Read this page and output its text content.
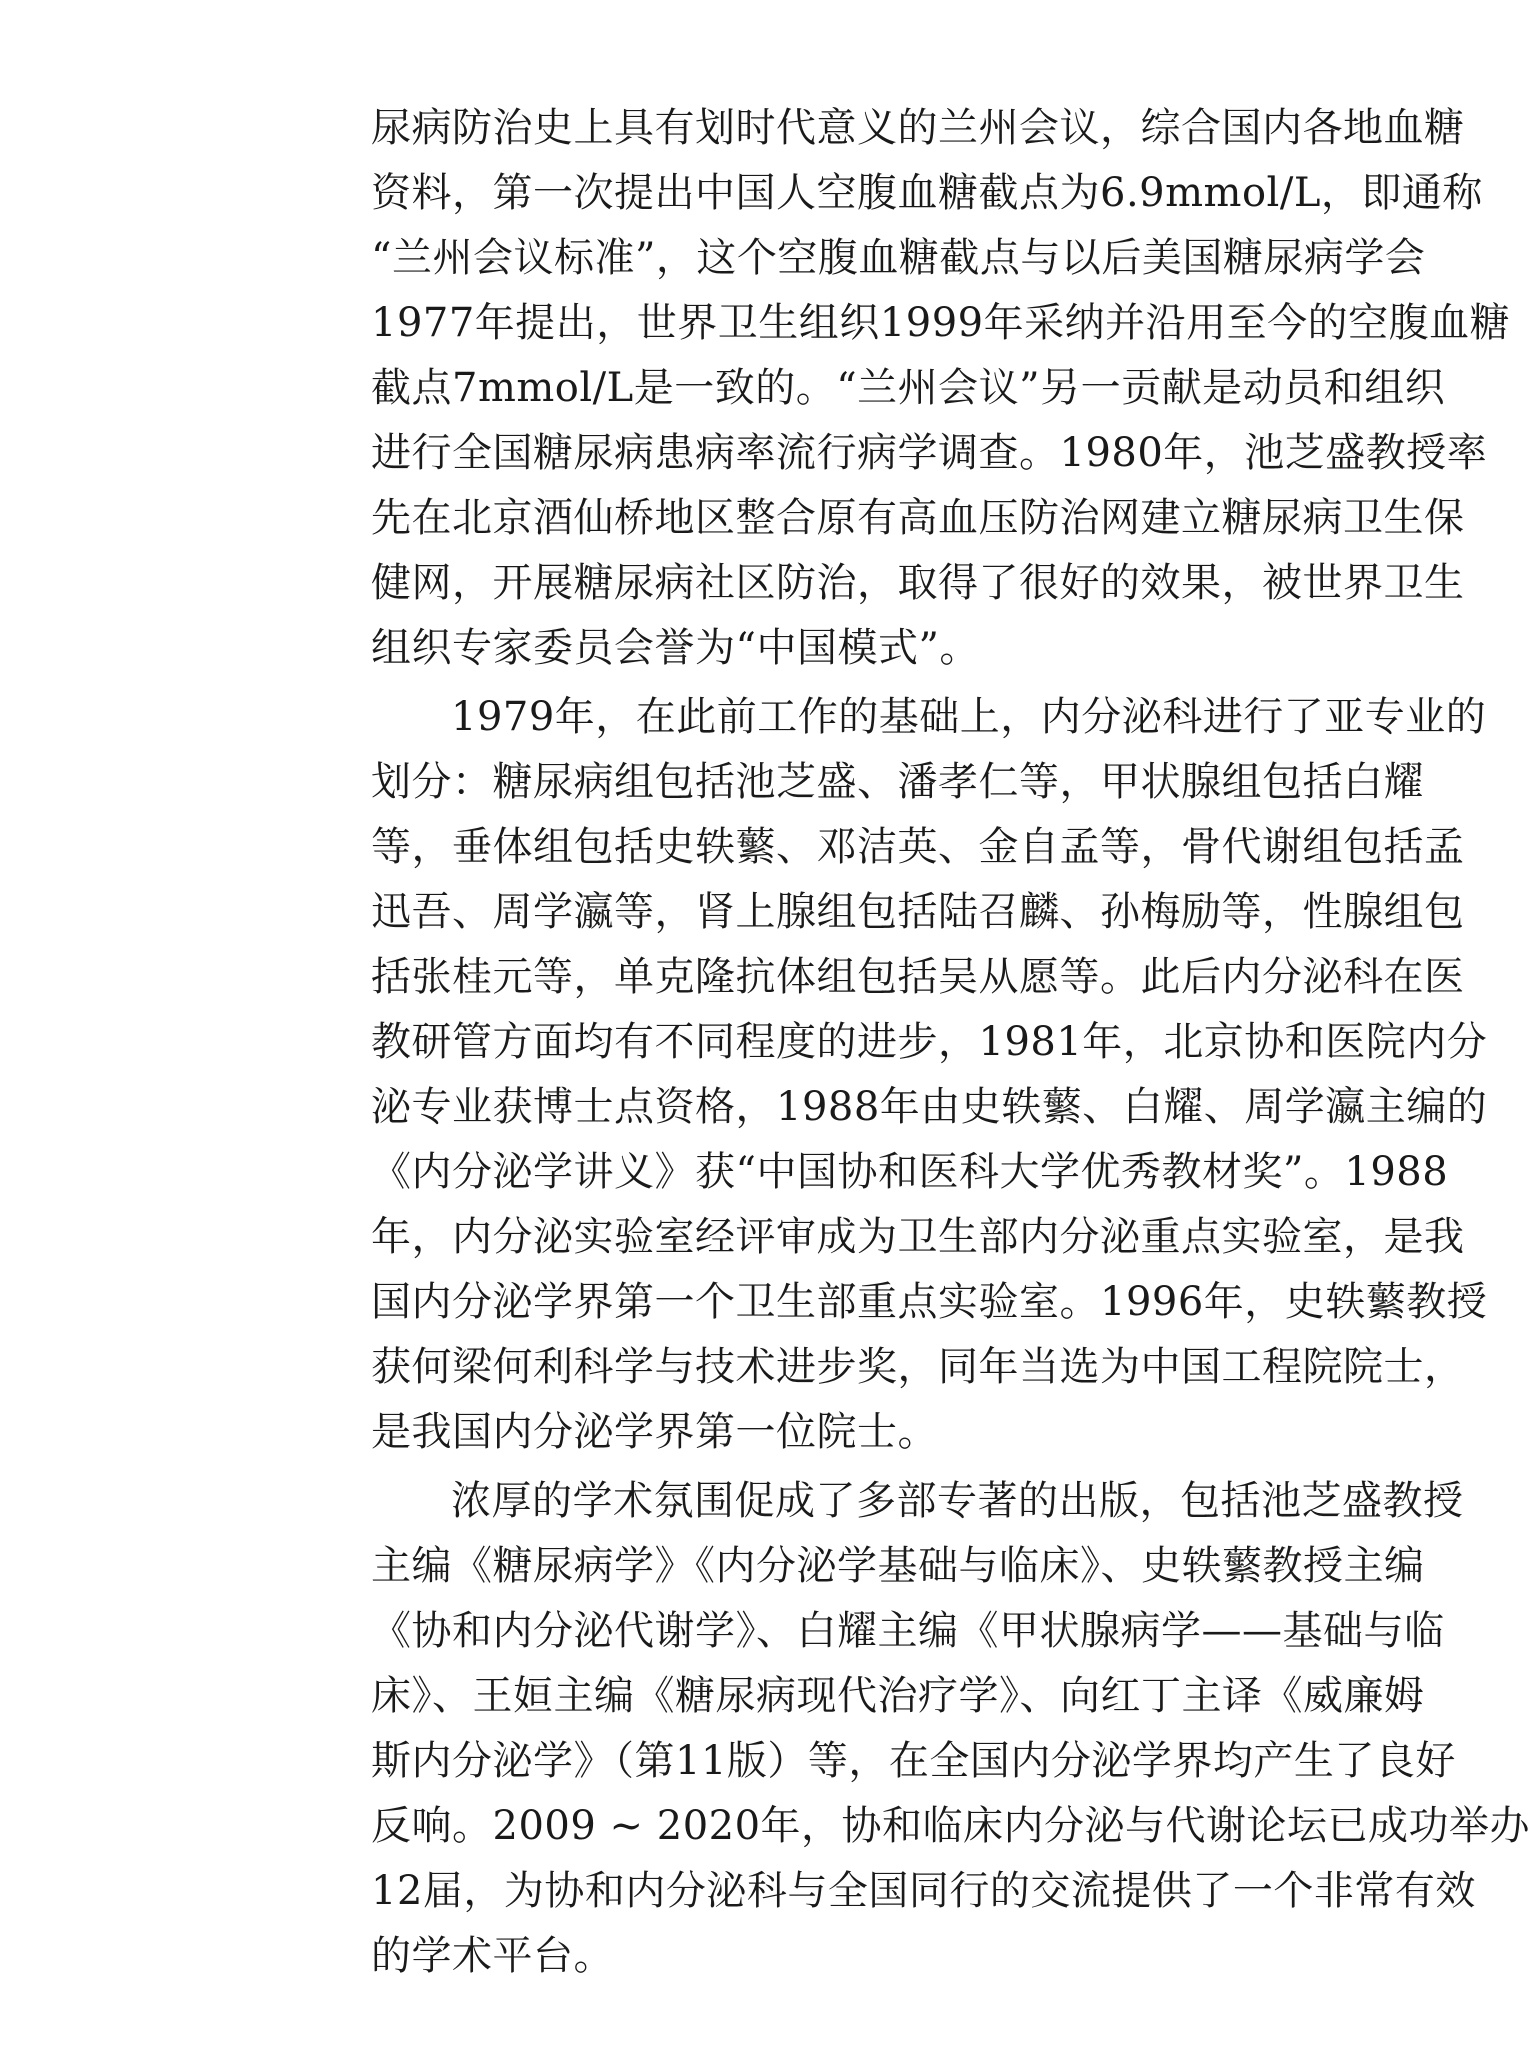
尿病防治史上具有划时代意义的兰州会议，综合国内各地血糖
资料，第一次提出中国人空腹血糖截点为6.9mmol/L，即通称
“兰州会议标准”，这个空腹血糖截点与以后美国糖尿病学会
1977年提出，世界卫生组织1999年采纳并沿用至今的空腹血糖
截点7mmol/L是一致的。“兰州会议”另一贡献是动员和组织
进行全国糖尿病患病率流行病学调查。1980年，池芝盛教授率
先在北京酒仙桥地区整合原有高血压防治网建立糖尿病卫生保
健网，开展糖尿病社区防治，取得了很好的效果，被世界卫生
组织专家委员会誉为“中国模式”。
1979年，在此前工作的基础上，内分泌科进行了亚专业的
划分：糖尿病组包括池芝盛、潘孝仁等，甲状腺组包括白耀
等，垂体组包括史轶蘩、邓洁英、金自孟等，骨代谢组包括孟
迅吾、周学瀛等，肾上腺组包括陆召麟、孙梅励等，性腺组包
括张桂元等，单克隆抗体组包括吴从愿等。此后内分泌科在医
教研管方面均有不同程度的进步，1981年，北京协和医院内分
泌专业获博士点资格，1988年由史轶蘩、白耀、周学瀛主编的
《内分泌学讲义》获“中国协和医科大学优秀教材奖”。1988
年，内分泌实验室经评审成为卫生部内分泌重点实验室，是我
国内分泌学界第一个卫生部重点实验室。1996年，史轶蘩教授
获何梁何利科学与技术进步奖，同年当选为中国工程院院士，
是我国内分泌学界第一位院士。
浓厚的学术氛围促成了多部专著的出版，包括池芝盛教授
主编《糖尿病学》《内分泌学基础与临床》、史轶蘩教授主编
《协和内分泌代谢学》、白耀主编《甲状腺病学——基础与临
床》、王姮主编《糖尿病现代治疗学》、向红丁主译《威廉姆
斯内分泌学》（第11版）等，在全国内分泌学界均产生了良好
反响。2009 ~ 2020年，协和临床内分泌与代谢论坛已成功举办
12届，为协和内分泌科与全国同行的交流提供了一个非常有效
的学术平台。
